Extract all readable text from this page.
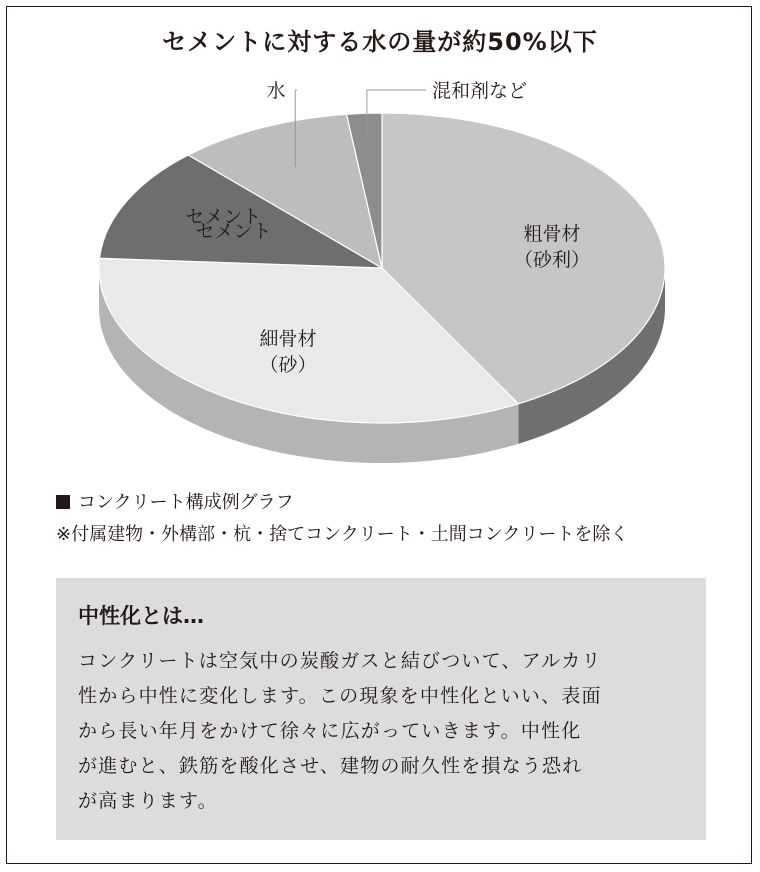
セメントに対する水の量が約50%以下
粗骨材
（砂利）
細骨材
（砂）
セメント
セメント
水	混和剤など
コンクリート構成例グラフ
※付属建物・外構部・杭・捨てコンクリート・土間コンクリートを除く
中性化とは…
コンクリートは空気中の炭酸ガスと結びついて、アルカリ
性から中性に変化します。この現象を中性化といい、表面
から長い年月をかけて徐々に広がっていきます。中性化
が進むと、鉄筋を酸化させ、建物の耐久性を損なう恐れ
が高まります。
